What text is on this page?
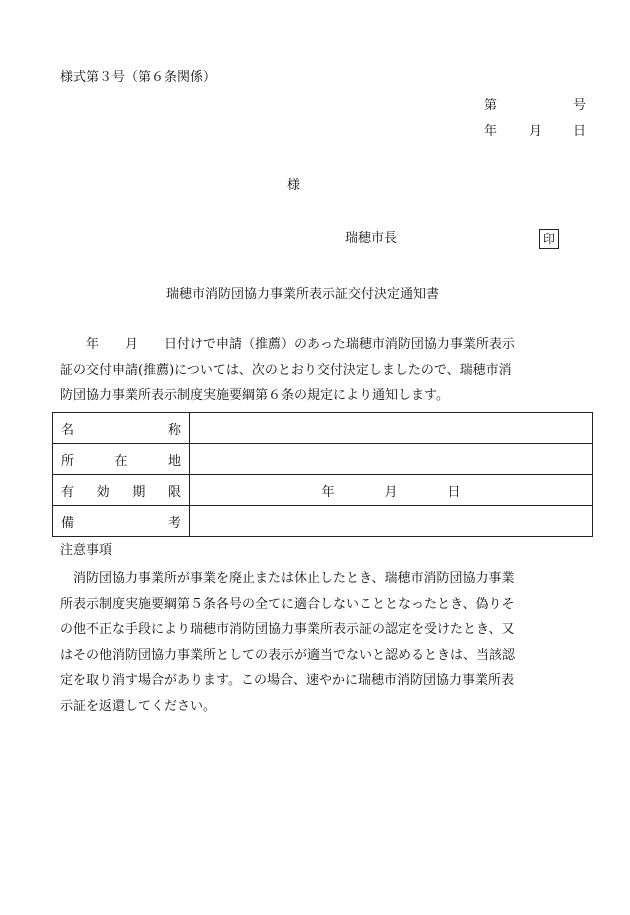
様式第３号（第６条関係）
第	号
年 月 日
様
瑞穂市長	印
瑞穂市消防団協力事業所表示証交付決定通知書
　　年　　月　　日付けで申請（推薦）のあった瑞穂市消防団協力事業所表示
証の交付申請(推薦)については、次のとおり交付決定しましたので、瑞穂市消
防団協力事業所表示制度実施要綱第６条の規定により通知します。
名 称	

所 在 地	

有 効 期 限	年 月 日

備 考	

注意事項
　消防団協力事業所が事業を廃止または休止したとき、瑞穂市消防団協力事業
所表示制度実施要綱第５条各号の全てに適合しないこととなったとき、偽りそ
の他不正な手段により瑞穂市消防団協力事業所表示証の認定を受けたとき、又
はその他消防団協力事業所としての表示が適当でないと認めるときは、当該認
定を取り消す場合があります。この場合、速やかに瑞穂市消防団協力事業所表
示証を返還してください。
